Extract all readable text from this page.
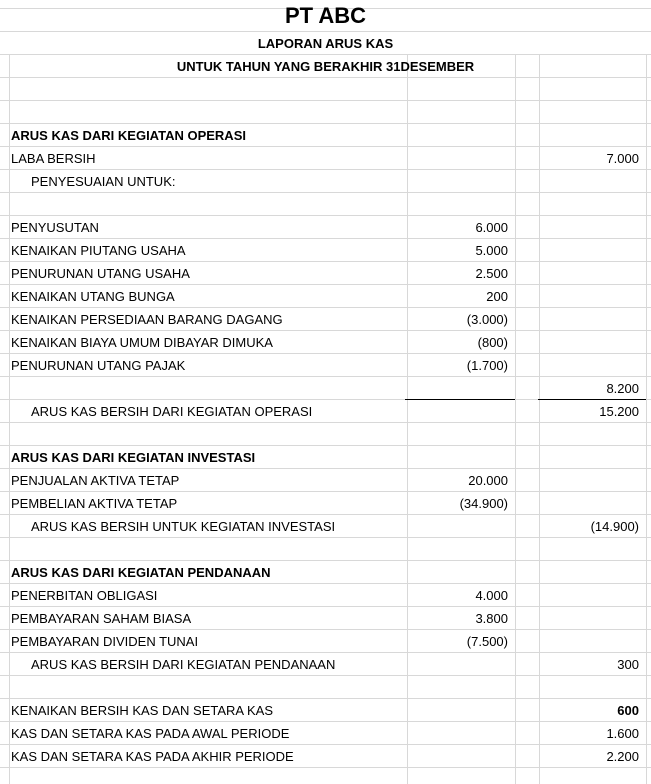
PT ABC
LAPORAN ARUS KAS
UNTUK TAHUN YANG BERAKHIR 31DESEMBER
ARUS KAS DARI KEGIATAN OPERASI
LABA BERSIH	7.000
PENYESUAIAN UNTUK:
PENYUSUTAN	6.000
KENAIKAN PIUTANG USAHA	5.000
PENURUNAN UTANG USAHA	2.500
KENAIKAN UTANG BUNGA	200
KENAIKAN PERSEDIAAN BARANG DAGANG	(3.000)
KENAIKAN BIAYA UMUM DIBAYAR DIMUKA	(800)
PENURUNAN UTANG PAJAK	(1.700)
8.200
ARUS KAS BERSIH DARI KEGIATAN OPERASI	15.200
ARUS KAS DARI KEGIATAN INVESTASI
PENJUALAN AKTIVA TETAP	20.000
PEMBELIAN AKTIVA TETAP	(34.900)
ARUS KAS BERSIH UNTUK KEGIATAN INVESTASI	(14.900)
ARUS KAS DARI KEGIATAN PENDANAAN
PENERBITAN OBLIGASI	4.000
PEMBAYARAN SAHAM BIASA	3.800
PEMBAYARAN DIVIDEN TUNAI	(7.500)
ARUS KAS BERSIH DARI KEGIATAN PENDANAAN	300
KENAIKAN BERSIH KAS DAN SETARA KAS	600
KAS DAN SETARA KAS PADA AWAL PERIODE	1.600
KAS DAN SETARA KAS PADA AKHIR PERIODE	2.200
